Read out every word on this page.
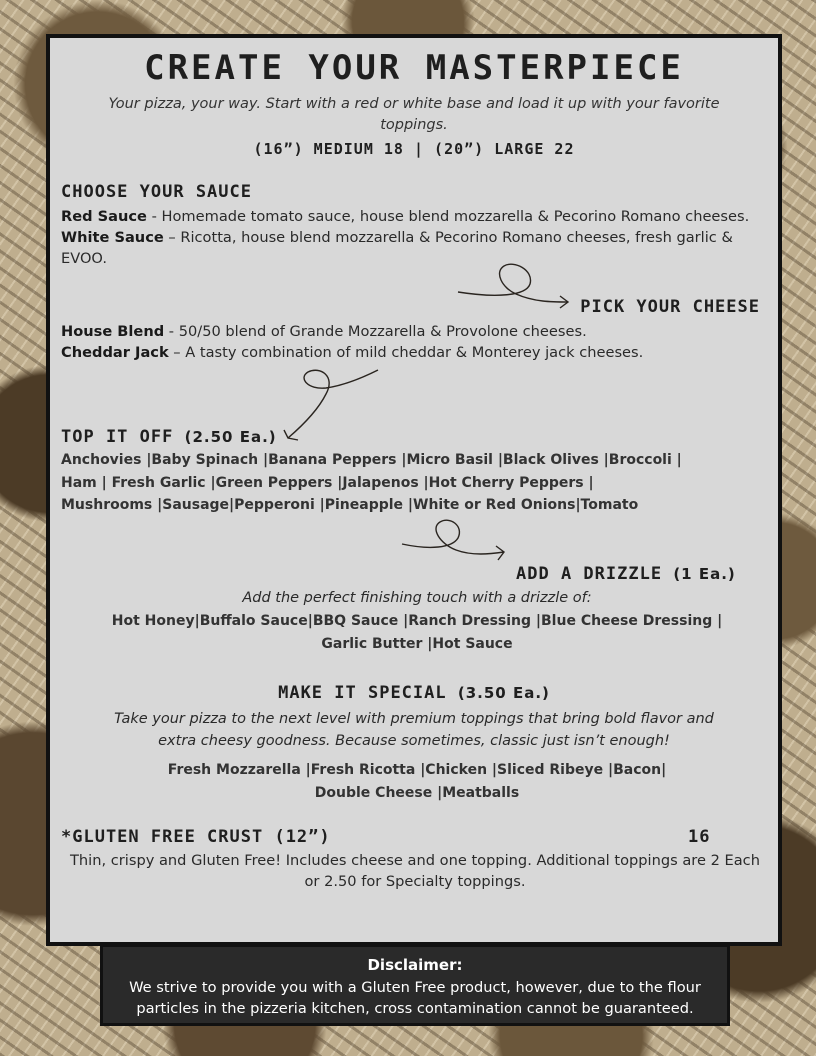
CREATE YOUR MASTERPIECE
Your pizza, your way. Start with a red or white base and load it up with your favorite toppings.
(16”) MEDIUM 18 | (20”) LARGE 22
CHOOSE YOUR SAUCE
Red Sauce - Homemade tomato sauce, house blend mozzarella & Pecorino Romano cheeses.
White Sauce – Ricotta, house blend mozzarella & Pecorino Romano cheeses, fresh garlic & EVOO.
PICK YOUR CHEESE
House Blend - 50/50 blend of Grande Mozzarella & Provolone cheeses.
Cheddar Jack – A tasty combination of mild cheddar & Monterey jack cheeses.
TOP IT OFF (2.50 Ea.)
Anchovies |Baby Spinach |Banana Peppers |Micro Basil |Black Olives |Broccoli |
Ham | Fresh Garlic |Green Peppers |Jalapenos |Hot Cherry Peppers |
Mushrooms |Sausage|Pepperoni |Pineapple |White or Red Onions|Tomato
ADD A DRIZZLE (1 Ea.)
Add the perfect finishing touch with a drizzle of:
Hot Honey|Buffalo Sauce|BBQ Sauce |Ranch Dressing |Blue Cheese Dressing |
Garlic Butter |Hot Sauce
MAKE IT SPECIAL (3.50 Ea.)
Take your pizza to the next level with premium toppings that bring bold flavor and extra cheesy goodness. Because sometimes, classic just isn’t enough!
Fresh Mozzarella |Fresh Ricotta |Chicken |Sliced Ribeye |Bacon|
Double Cheese |Meatballs
*GLUTEN FREE CRUST (12”)	16
Thin, crispy and Gluten Free! Includes cheese and one topping. Additional toppings are 2 Each or 2.50 for Specialty toppings.
Disclaimer:
We strive to provide you with a Gluten Free product, however, due to the flour particles in the pizzeria kitchen, cross contamination cannot be guaranteed.
